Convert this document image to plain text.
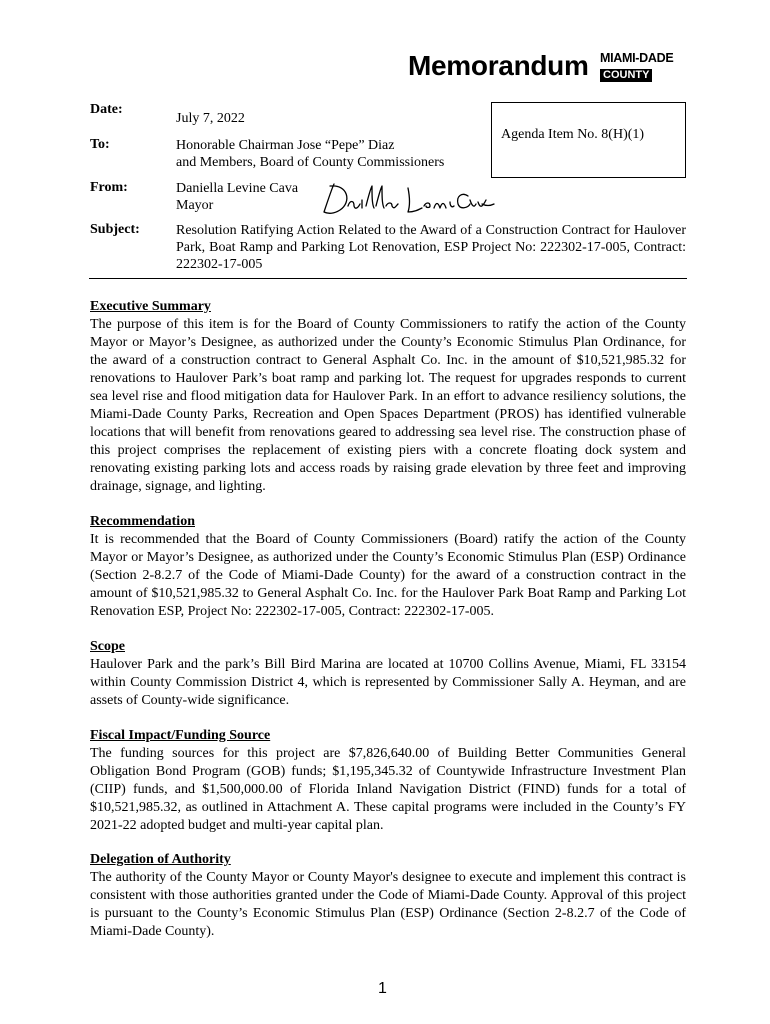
Memorandum MIAMI-DADE
COUNTY
Date:
July 7, 2022
Agenda Item No. 8(H)(1)
To:	Honorable Chairman Jose “Pepe” Diaz
and Members, Board of County Commissioners
From:	Daniella Levine Cava
Mayor
Subject:	Resolution Ratifying Action Related to the Award of a Construction Contract for Haulover Park, Boat Ramp and Parking Lot Renovation, ESP Project No: 222302-17-005, Contract: 222302-17-005
Executive Summary

The purpose of this item is for the Board of County Commissioners to ratify the action of the County Mayor or Mayor’s Designee, as authorized under the County’s Economic Stimulus Plan Ordinance, for the award of a construction contract to General Asphalt Co. Inc. in the amount of $10,521,985.32 for renovations to Haulover Park’s boat ramp and parking lot. The request for upgrades responds to current sea level rise and flood mitigation data for Haulover Park. In an effort to advance resiliency solutions, the Miami-Dade County Parks, Recreation and Open Spaces Department (PROS) has identified vulnerable locations that will benefit from renovations geared to addressing sea level rise. The construction phase of this project comprises the replacement of existing piers with a concrete floating dock system and renovating existing parking lots and access roads by raising grade elevation by three feet and improving drainage, signage, and lighting.

Recommendation

It is recommended that the Board of County Commissioners (Board) ratify the action of the County Mayor or Mayor’s Designee, as authorized under the County’s Economic Stimulus Plan (ESP) Ordinance (Section 2-8.2.7 of the Code of Miami-Dade County) for the award of a construction contract in the amount of $10,521,985.32 to General Asphalt Co. Inc. for the Haulover Park Boat Ramp and Parking Lot Renovation ESP, Project No: 222302-17-005, Contract: 222302-17-005.

Scope

Haulover Park and the park’s Bill Bird Marina are located at 10700 Collins Avenue, Miami, FL 33154 within County Commission District 4, which is represented by Commissioner Sally A. Heyman, and are assets of County-wide significance.

Fiscal Impact/Funding Source

The funding sources for this project are $7,826,640.00 of Building Better Communities General Obligation Bond Program (GOB) funds; $1,195,345.32 of Countywide Infrastructure Investment Plan (CIIP) funds, and $1,500,000.00 of Florida Inland Navigation District (FIND) funds for a total of $10,521,985.32, as outlined in Attachment A. These capital programs were included in the County’s FY 2021-22 adopted budget and multi-year capital plan.

Delegation of Authority

The authority of the County Mayor or County Mayor's designee to execute and implement this contract is consistent with those authorities granted under the Code of Miami-Dade County. Approval of this project is pursuant to the County’s Economic Stimulus Plan (ESP) Ordinance (Section 2-8.2.7 of the Code of Miami-Dade County).

1
